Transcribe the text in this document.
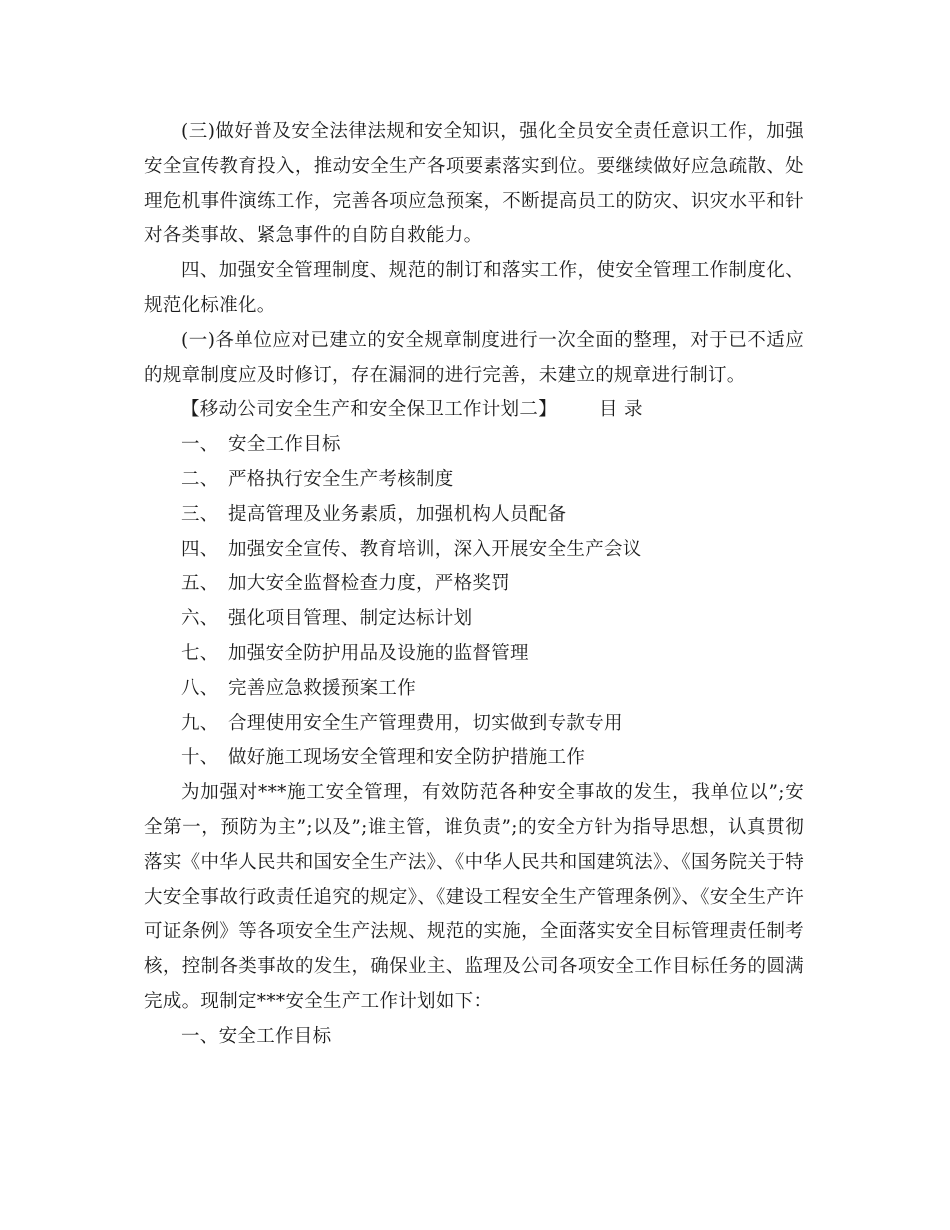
(三)做好普及安全法律法规和安全知识，强化全员安全责任意识工作，加强安全宣传教育投入，推动安全生产各项要素落实到位。要继续做好应急疏散、处理危机事件演练工作，完善各项应急预案，不断提高员工的防灾、识灾水平和针对各类事故、紧急事件的自防自救能力。

四、加强安全管理制度、规范的制订和落实工作，使安全管理工作制度化、规范化标准化。

(一)各单位应对已建立的安全规章制度进行一次全面的整理，对于已不适应的规章制度应及时修订，存在漏洞的进行完善，未建立的规章进行制订。

【移动公司安全生产和安全保卫工作计划二】 目 录

一、 安全工作目标

二、 严格执行安全生产考核制度

三、 提高管理及业务素质，加强机构人员配备

四、 加强安全宣传、教育培训，深入开展安全生产会议

五、 加大安全监督检查力度，严格奖罚

六、 强化项目管理、制定达标计划

七、 加强安全防护用品及设施的监督管理

八、 完善应急救援预案工作

九、 合理使用安全生产管理费用，切实做到专款专用

十、 做好施工现场安全管理和安全防护措施工作

为加强对***施工安全管理，有效防范各种安全事故的发生，我单位以”;安全第一，预防为主”;以及”;谁主管，谁负责”;的安全方针为指导思想，认真贯彻落实《中华人民共和国安全生产法》、《中华人民共和国建筑法》、《国务院关于特大安全事故行政责任追究的规定》、《建设工程安全生产管理条例》、《安全生产许可证条例》等各项安全生产法规、规范的实施，全面落实安全目标管理责任制考核，控制各类事故的发生，确保业主、监理及公司各项安全工作目标任务的圆满完成。现制定***安全生产工作计划如下：

一、安全工作目标
